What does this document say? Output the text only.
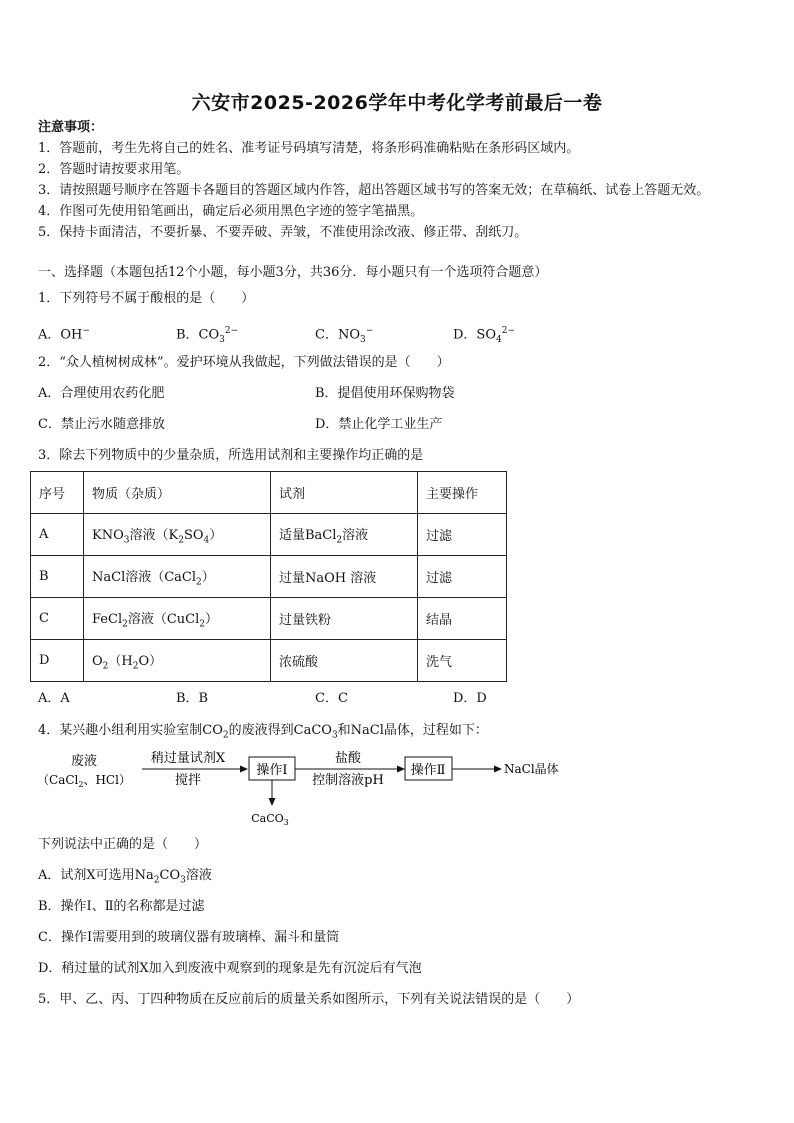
六安市2025-2026学年中考化学考前最后一卷
注意事项：
1．答题前，考生先将自己的姓名、准考证号码填写清楚，将条形码准确粘贴在条形码区域内。
2．答题时请按要求用笔。
3．请按照题号顺序在答题卡各题目的答题区域内作答，超出答题区域书写的答案无效；在草稿纸、试卷上答题无效。
4．作图可先使用铅笔画出，确定后必须用黑色字迹的签字笔描黑。
5．保持卡面清洁，不要折暴、不要弄破、弄皱，不准使用涂改液、修正带、刮纸刀。
一、选择题（本题包括12个小题，每小题3分，共36分．每小题只有一个选项符合题意）
1．下列符号不属于酸根的是（　　）
A．OH−	B．$CO_3^{2-}$	C．$NO_3^-$	D．$SO_4^{2-}$
2．“众人植树树成林”。爱护环境从我做起，下列做法错误的是（　　）
A．合理使用农药化肥	B．提倡使用环保购物袋
C．禁止污水随意排放	D．禁止化学工业生产
3．除去下列物质中的少量杂质，所选用试剂和主要操作均正确的是
序号	物质（杂质）	试剂	主要操作
A	$KNO_3$溶液$(K_2SO_4)$	适量BaCl$_2$溶液	过滤
B	NaCl溶液（CaCl$_2$）	过量NaOH 溶液	过滤
C	FeCl$_2$溶液（CuCl$_2$）	过量铁粉	结晶
D	$O_2(H_2O)$	浓硫酸	洗气
A．A	B．B	C．C	D．D
4．某兴趣小组利用实验室制$CO_2$的废液得到CaCO$_3$和NaCl晶体，过程如下：
废液
（CaCl$_2$、HCl）
稍过量试剂X
搅拌
操作Ⅰ
CaCO$_3$
盐酸
控制溶液pH
操作Ⅱ	NaCl晶体
下列说法中正确的是（　　）
A．试剂X可选用$Na_2CO_3$溶液
B．操作Ⅰ、Ⅱ的名称都是过滤
C．操作Ⅰ需要用到的玻璃仪器有玻璃棒、漏斗和量筒
D．稍过量的试剂X加入到废液中观察到的现象是先有沉淀后有气泡
5．甲、乙、丙、丁四种物质在反应前后的质量关系如图所示，下列有关说法错误的是（　　）
